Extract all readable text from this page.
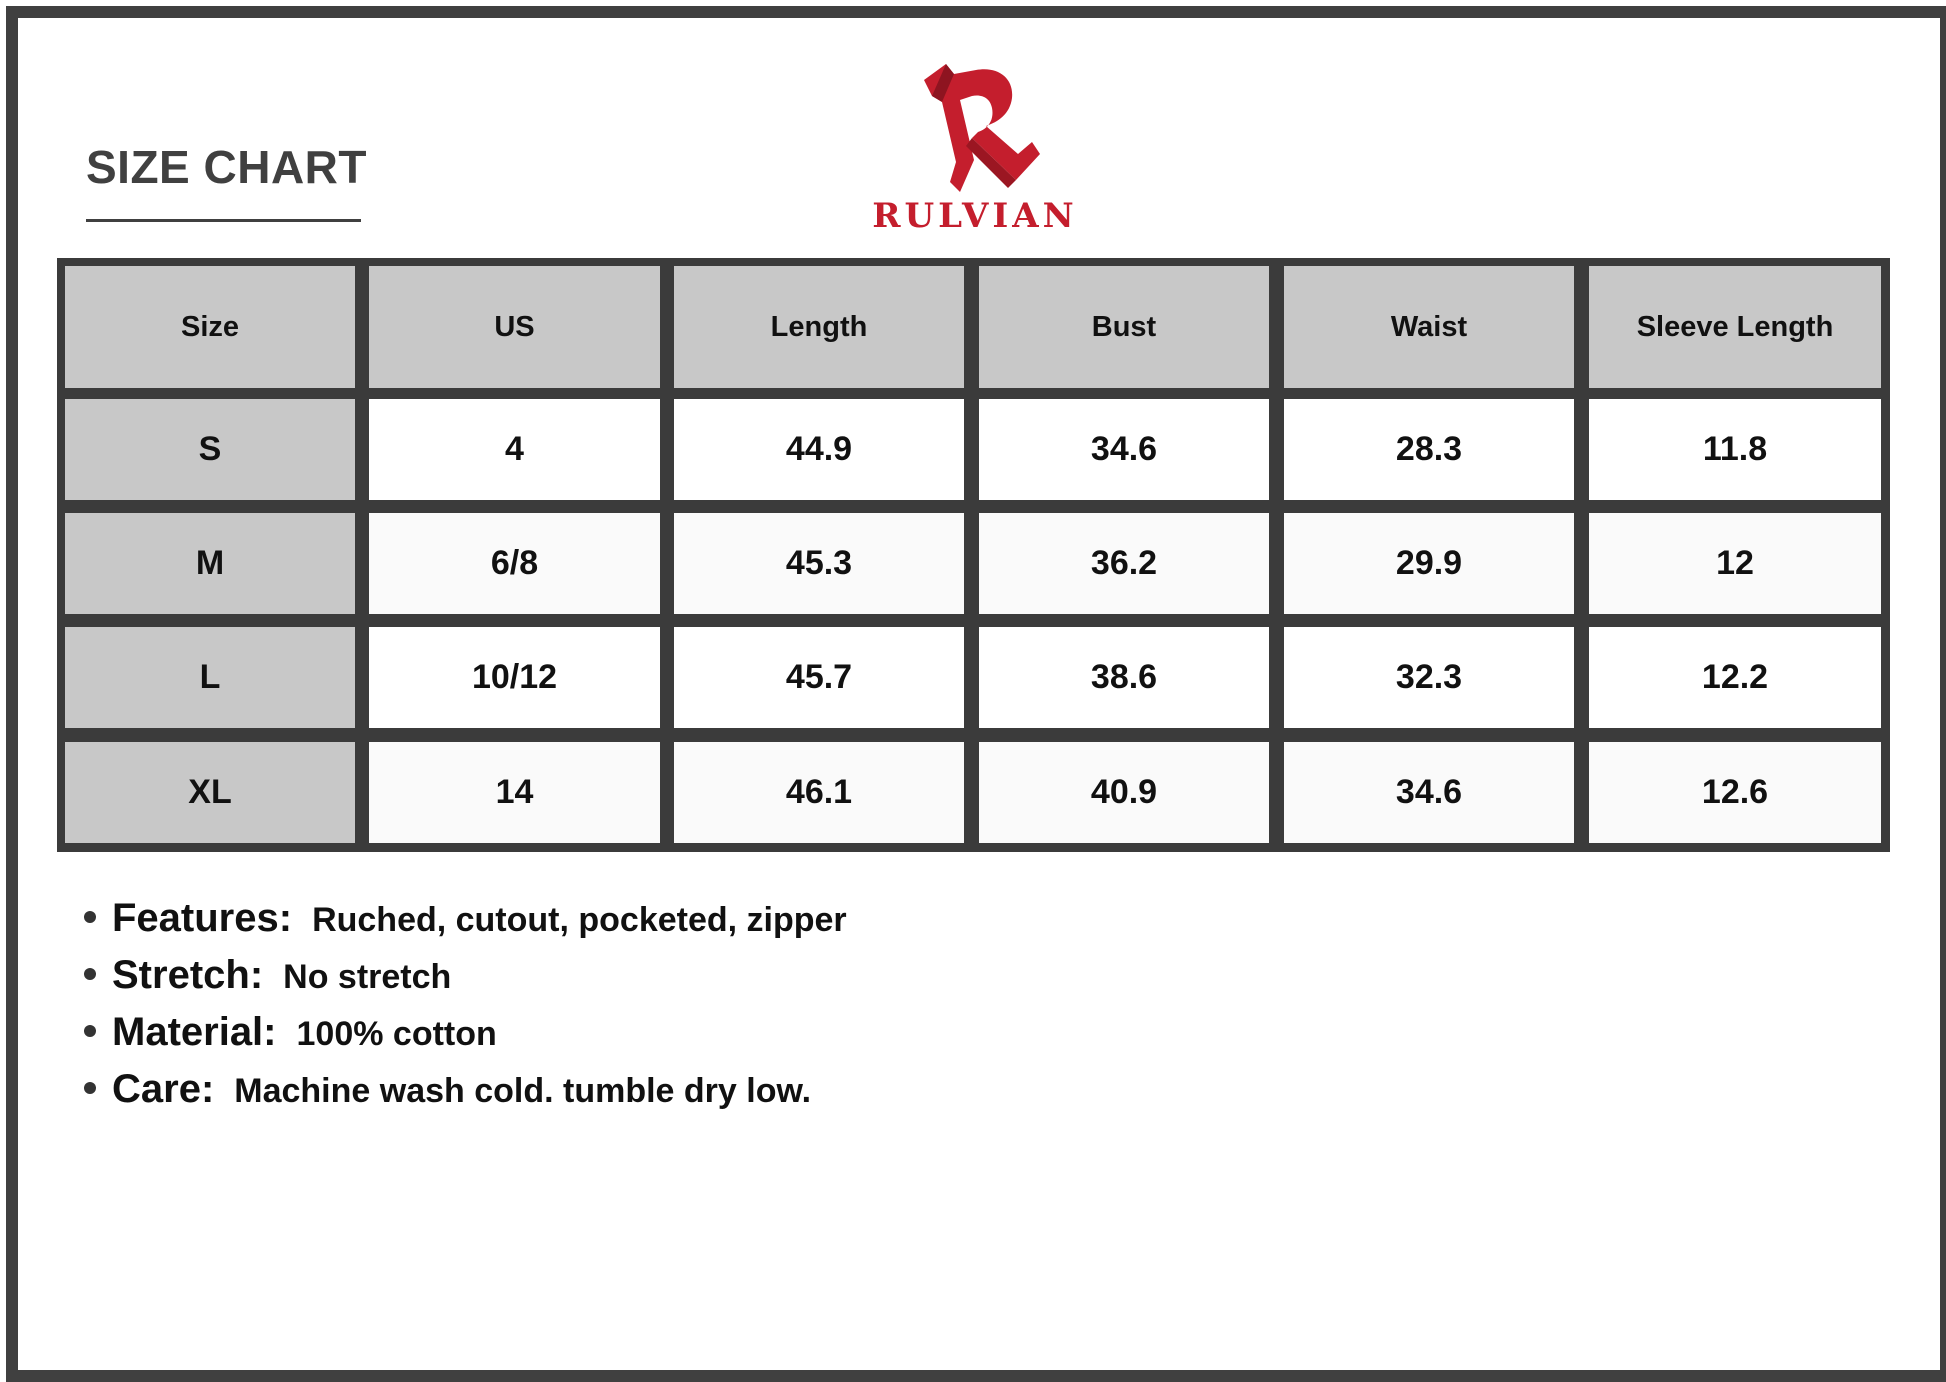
SIZE CHART
RULVIAN
Size	US	Length	Bust	Waist	Sleeve Length
S	4	44.9	34.6	28.3	11.8
M	6/8	45.3	36.2	29.9	12
L	10/12	45.7	38.6	32.3	12.2
XL	14	46.1	40.9	34.6	12.6
Features: Ruched, cutout, pocketed, zipper
Stretch: No stretch
Material: 100% cotton
Care: Machine wash cold. tumble dry low.
